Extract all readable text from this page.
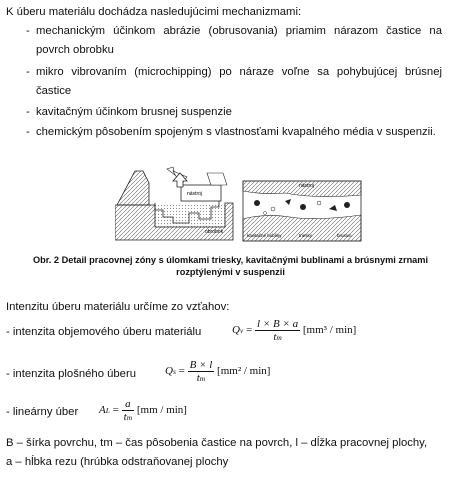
K úberu materiálu dochádza nasledujúcimi mechanizmami:
- mechanickým účinkom abrázie (obrusovania) priamim nárazom častice na
povrch obrobku
- mikro vibrovaním (microchipping) po náraze voľne sa pohybujúcej brúsnej
častice
- kavitačným účinkom brusnej suspenzie
- chemickým pôsobením spojeným s vlastnosťami kvapalného média v suspenzii.
nástroj
obrobok
nástroj
kavitačné bubliny	triesky	brusivo
Obr. 2 Detail pracovnej zóny s úlomkami triesky, kavitačnými bublinami a brúsnymi zrnami
rozptýlenými v suspenzii
Intenzitu úberu materiálu určíme zo vzťahov:
- intenzita objemového úberu materiálu	$Qv = \frac{l \times B \times a}{tm} [mm^3 / \min]$
- intenzita plošného úberu	$Qs = \frac{B \times l}{tm} [mm^2 / \min]$
- lineárny úber AL = $\frac{a}{tm} [mm / \min]$
B – šírka povrchu, tm – čas pôsobenia častice na povrch, l – dĺžka pracovnej plochy,
a – hĺbka rezu (hrúbka odstraňovanej plochy
